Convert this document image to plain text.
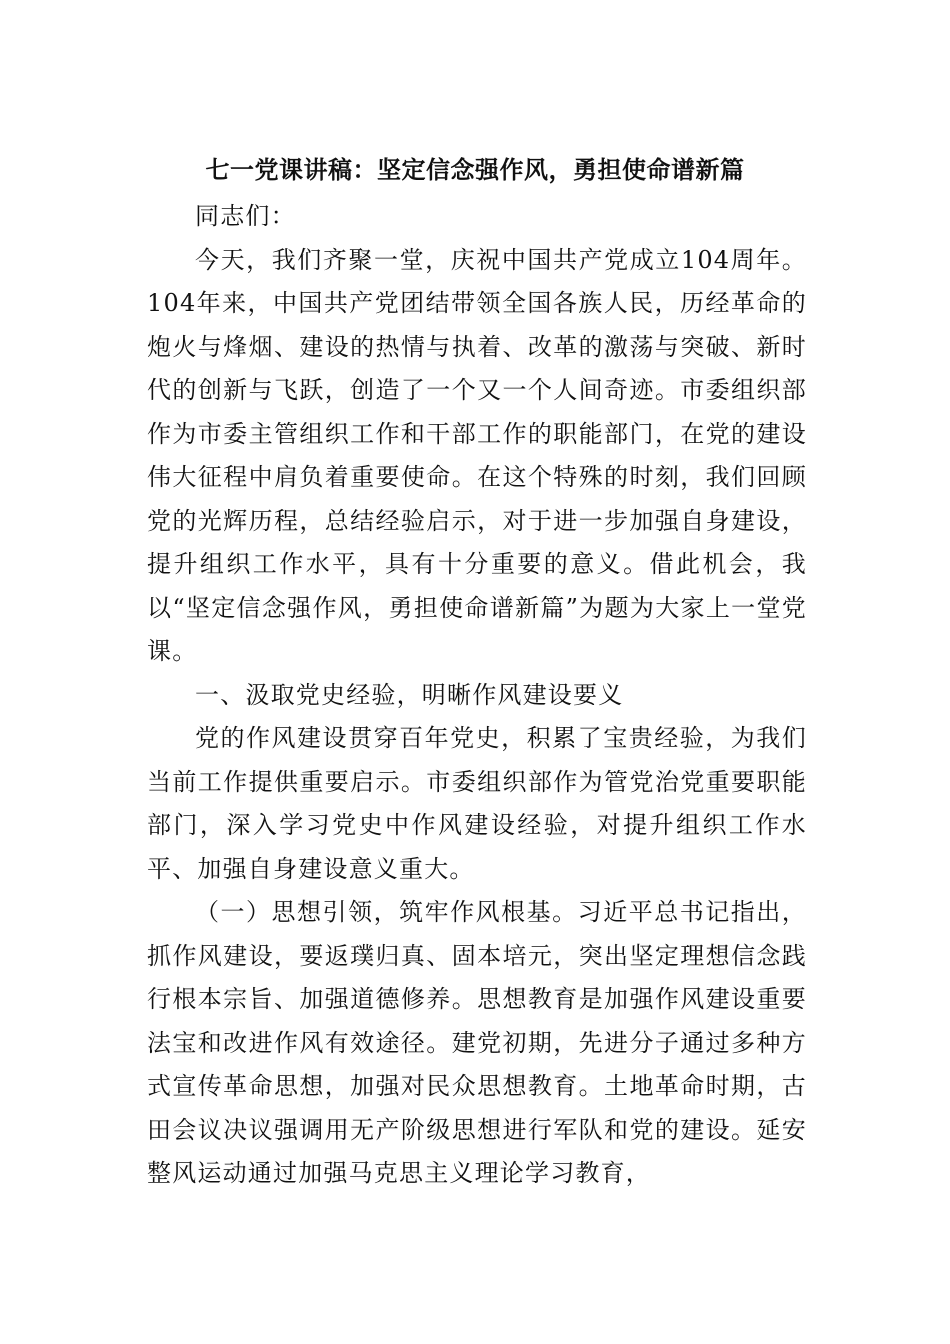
七一党课讲稿：坚定信念强作风，勇担使命谱新篇

同志们：

今天，我们齐聚一堂，庆祝中国共产党成立104周年。104年来，中国共产党团结带领全国各族人民，历经革命的炮火与烽烟、建设的热情与执着、改革的激荡与突破、新时代的创新与飞跃，创造了一个又一个人间奇迹。市委组织部作为市委主管组织工作和干部工作的职能部门，在党的建设伟大征程中肩负着重要使命。在这个特殊的时刻，我们回顾党的光辉历程，总结经验启示，对于进一步加强自身建设，提升组织工作水平，具有十分重要的意义。借此机会，我以“坚定信念强作风，勇担使命谱新篇”为题为大家上一堂党课。

一、汲取党史经验，明晰作风建设要义

党的作风建设贯穿百年党史，积累了宝贵经验，为我们当前工作提供重要启示。市委组织部作为管党治党重要职能部门，深入学习党史中作风建设经验，对提升组织工作水平、加强自身建设意义重大。

（一）思想引领，筑牢作风根基。习近平总书记指出，抓作风建设，要返璞归真、固本培元，突出坚定理想信念践行根本宗旨、加强道德修养。思想教育是加强作风建设重要法宝和改进作风有效途径。建党初期，先进分子通过多种方式宣传革命思想，加强对民众思想教育。土地革命时期，古田会议决议强调用无产阶级思想进行军队和党的建设。延安整风运动通过加强马克思主义理论学习教育，
